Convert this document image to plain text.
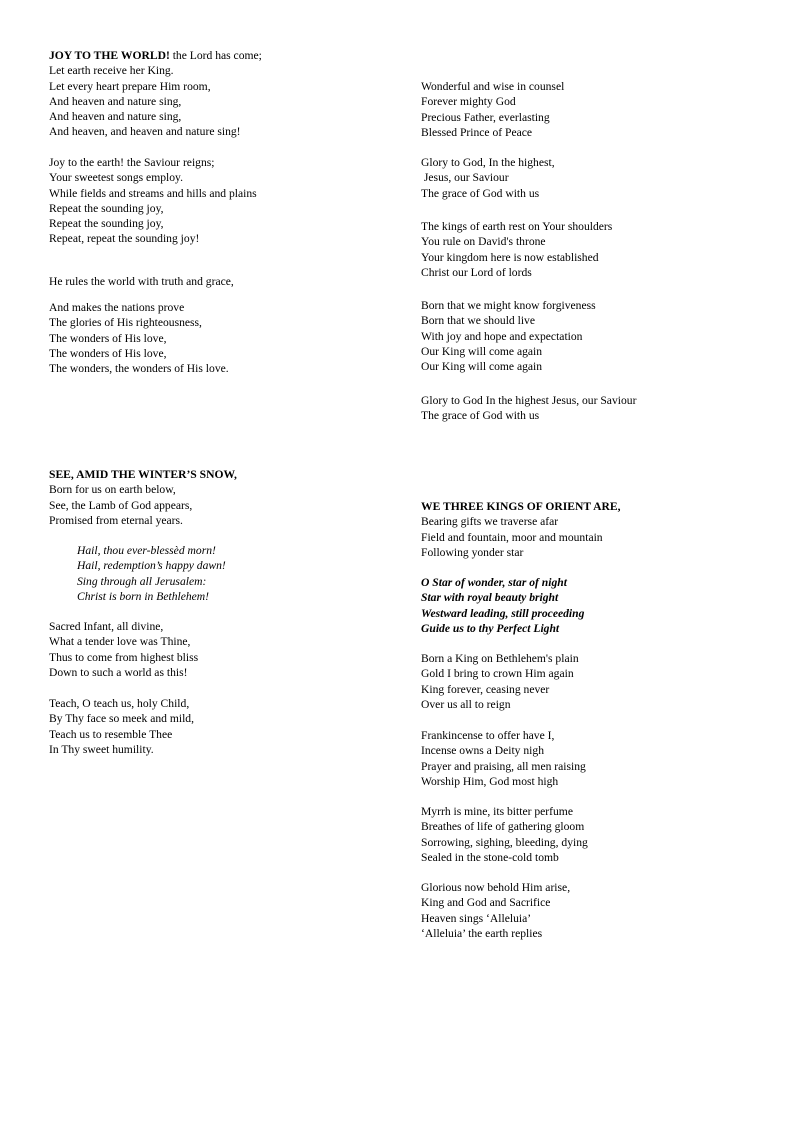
JOY TO THE WORLD! the Lord has come;
Let earth receive her King.
Let every heart prepare Him room,
And heaven and nature sing,
And heaven and nature sing,
And heaven, and heaven and nature sing!
Joy to the earth! the Saviour reigns;
Your sweetest songs employ.
While fields and streams and hills and plains
Repeat the sounding joy,
Repeat the sounding joy,
Repeat, repeat the sounding joy!
He rules the world with truth and grace,
And makes the nations prove
The glories of His righteousness,
The wonders of His love,
The wonders of His love,
The wonders, the wonders of His love.
Wonderful and wise in counsel
Forever mighty God
Precious Father, everlasting
Blessed Prince of Peace
Glory to God, In the highest,
Jesus, our Saviour
The grace of God with us
The kings of earth rest on Your shoulders
You rule on David's throne
Your kingdom here is now established
Christ our Lord of lords
Born that we might know forgiveness
Born that we should live
With joy and hope and expectation
Our King will come again
Our King will come again
Glory to God In the highest Jesus, our Saviour
The grace of God with us
SEE, AMID THE WINTER’S SNOW,
Born for us on earth below,
See, the Lamb of God appears,
Promised from eternal years.
Hail, thou ever-blessèd morn!
Hail, redemption’s happy dawn!
Sing through all Jerusalem:
Christ is born in Bethlehem!
Sacred Infant, all divine,
What a tender love was Thine,
Thus to come from highest bliss
Down to such a world as this!
Teach, O teach us, holy Child,
By Thy face so meek and mild,
Teach us to resemble Thee
In Thy sweet humility.
WE THREE KINGS OF ORIENT ARE,
Bearing gifts we traverse afar
Field and fountain, moor and mountain
Following yonder star
O Star of wonder, star of night
Star with royal beauty bright
Westward leading, still proceeding
Guide us to thy Perfect Light
Born a King on Bethlehem's plain
Gold I bring to crown Him again
King forever, ceasing never
Over us all to reign
Frankincense to offer have I,
Incense owns a Deity nigh
Prayer and praising, all men raising
Worship Him, God most high
Myrrh is mine, its bitter perfume
Breathes of life of gathering gloom
Sorrowing, sighing, bleeding, dying
Sealed in the stone-cold tomb
Glorious now behold Him arise,
King and God and Sacrifice
Heaven sings ‘Alleluia’
‘Alleluia’ the earth replies
